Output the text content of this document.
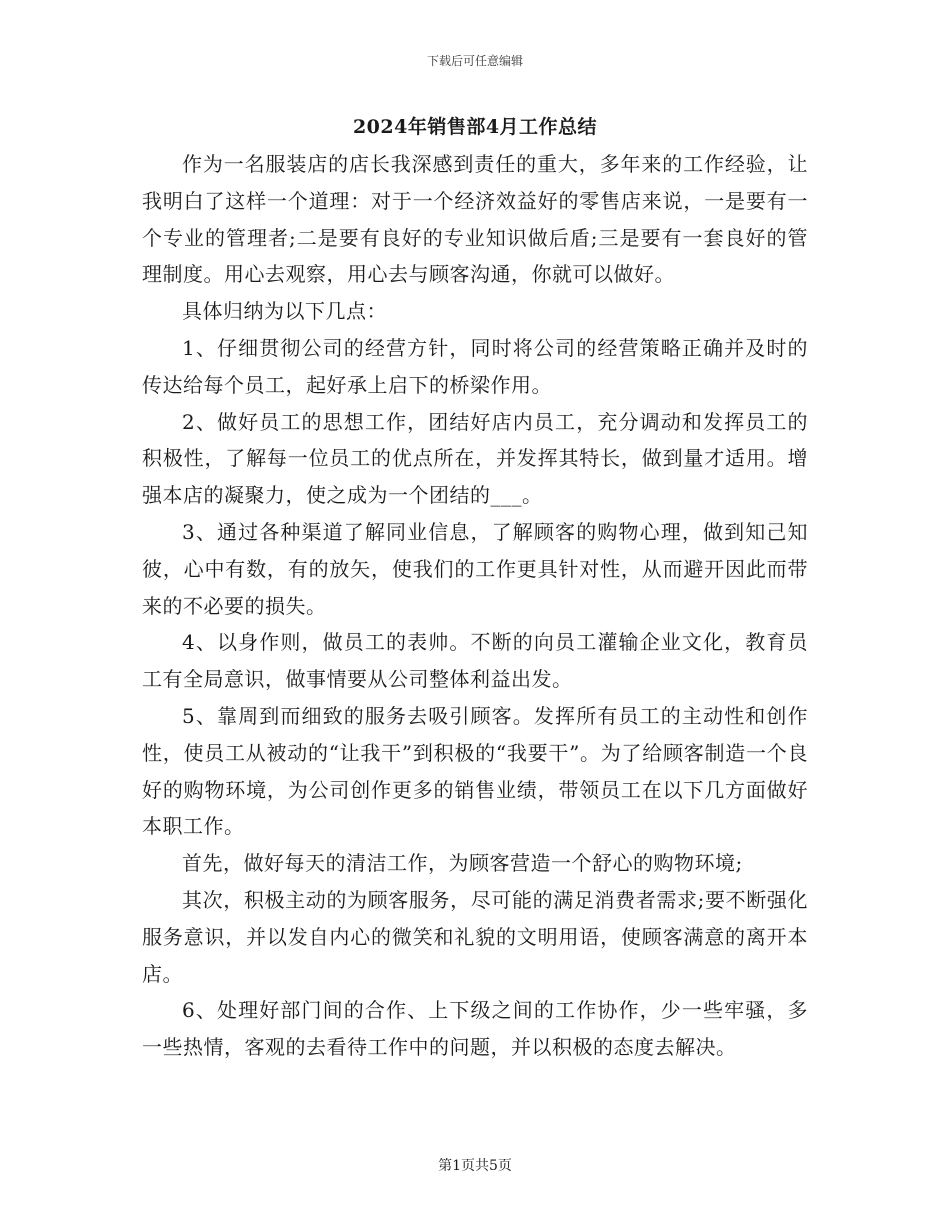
下载后可任意编辑
2024年销售部4月工作总结

作为一名服装店的店长我深感到责任的重大，多年来的工作经验，让我明白了这样一个道理：对于一个经济效益好的零售店来说，一是要有一个专业的管理者;二是要有良好的专业知识做后盾;三是要有一套良好的管理制度。用心去观察，用心去与顾客沟通，你就可以做好。

具体归纳为以下几点：

1、仔细贯彻公司的经营方针，同时将公司的经营策略正确并及时的传达给每个员工，起好承上启下的桥梁作用。

2、做好员工的思想工作，团结好店内员工，充分调动和发挥员工的积极性，了解每一位员工的优点所在，并发挥其特长，做到量才适用。增强本店的凝聚力，使之成为一个团结的___。

3、通过各种渠道了解同业信息，了解顾客的购物心理，做到知己知彼，心中有数，有的放矢，使我们的工作更具针对性，从而避开因此而带来的不必要的损失。

4、以身作则，做员工的表帅。不断的向员工灌输企业文化，教育员工有全局意识，做事情要从公司整体利益出发。

5、靠周到而细致的服务去吸引顾客。发挥所有员工的主动性和创作性，使员工从被动的“让我干”到积极的“我要干”。为了给顾客制造一个良好的购物环境，为公司创作更多的销售业绩，带领员工在以下几方面做好本职工作。

首先，做好每天的清洁工作，为顾客营造一个舒心的购物环境;

其次，积极主动的为顾客服务，尽可能的满足消费者需求;要不断强化服务意识，并以发自内心的微笑和礼貌的文明用语，使顾客满意的离开本店。

6、处理好部门间的合作、上下级之间的工作协作，少一些牢骚，多一些热情，客观的去看待工作中的问题，并以积极的态度去解决。

第1页共5页
